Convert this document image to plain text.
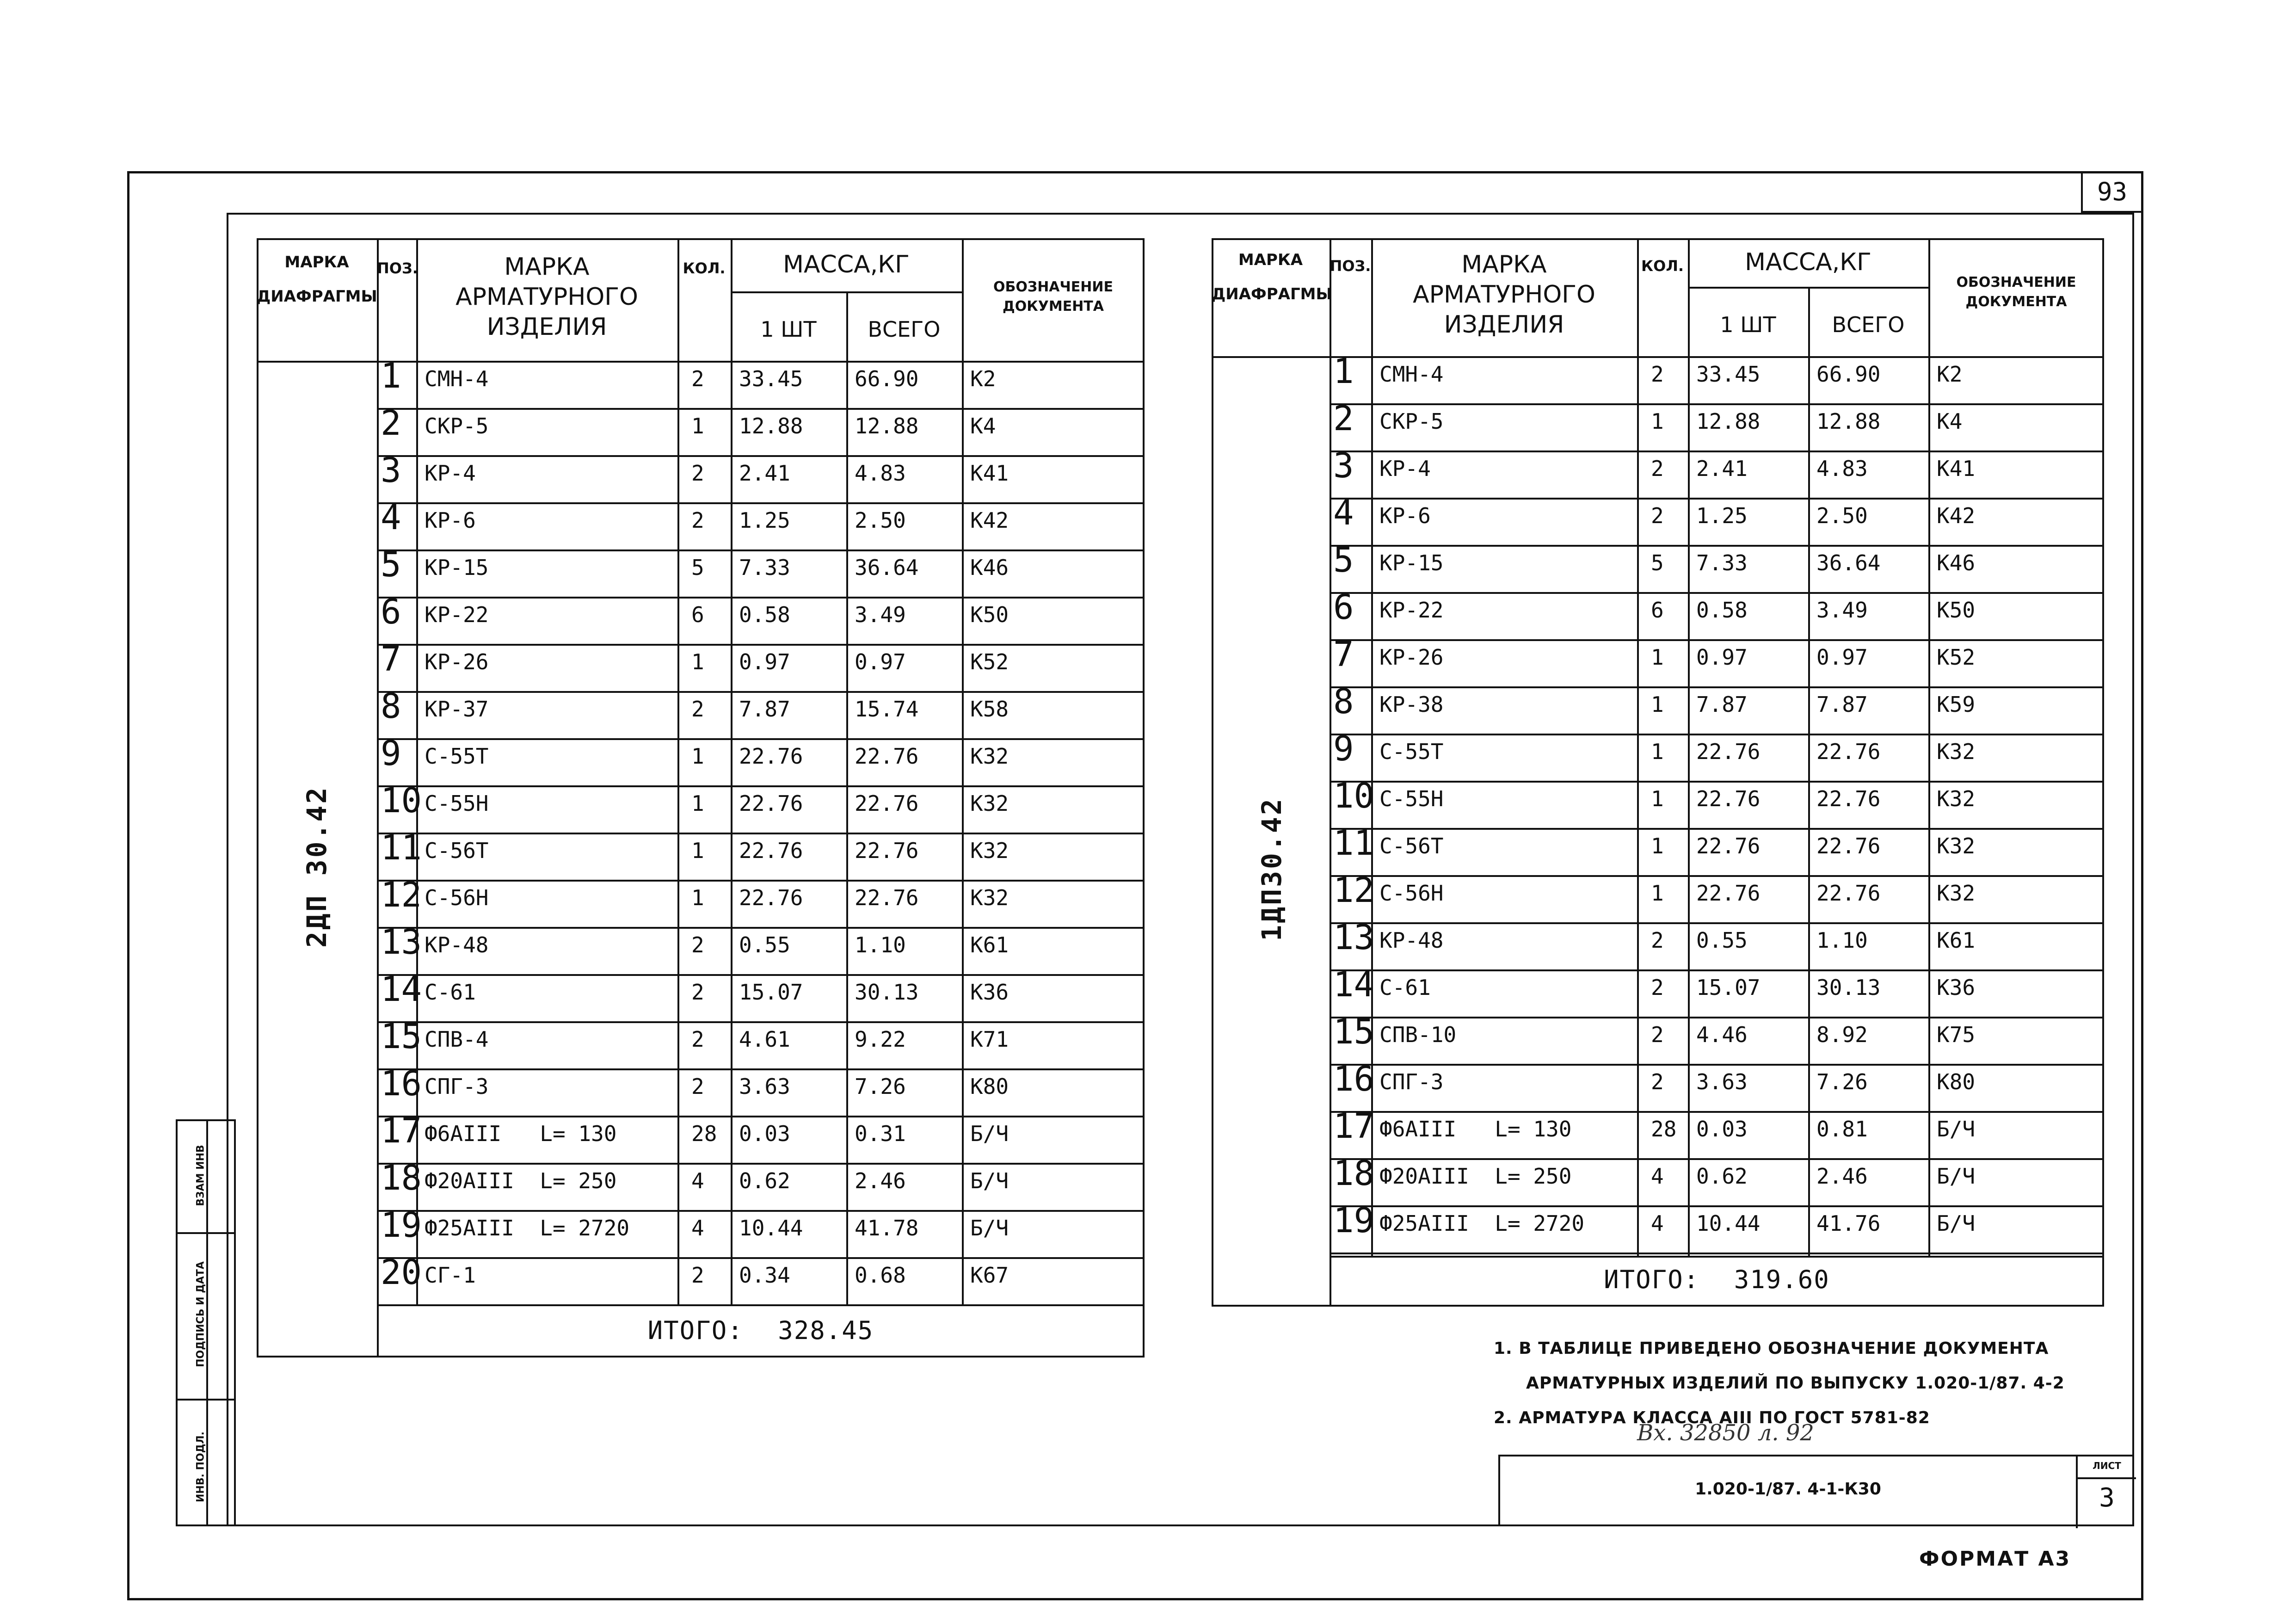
93
ИНВ. ПОДЛ.
ПОДПИСЬ И ДАТА
ВЗАМ ИНВ
МАРКА
ДИАФРАГМЫ
ПОЗ.	МАРКА
АРМАТУРНОГО
ИЗДЕЛИЯ
КОЛ.	МАССА,КГ
1 ШТ	ВСЕГО
ОБОЗНАЧЕНИЕ
ДОКУМЕНТА
2ДП 30.42
1 СМН-4	2 33.45 66.90 К2
2 СКР-5	1 12.88 12.88 К4
3 КР-4	2 2.41	4.83	К41
4 КР-6	2 1.25	2.50	К42
5 КР-15	5 7.33	36.64 К46
6 КР-22	6 0.58	3.49	К50
7 КР-26	1 0.97	0.97	К52
8 КР-37	2 7.87	15.74 К58
9 С-55Т	1 22.76 22.76 К32
10 С-55Н	1 22.76 22.76 К32
11 С-56Т	1 22.76 22.76 К32
12 С-56Н	1 22.76 22.76 К32
13 КР-48	2 0.55	1.10	К61
14 С-61	2 15.07 30.13 К36
15 СПВ-4	2 4.61	9.22	К71
16 СПГ-3	2 3.63	7.26	К80
17 Ф6АIII   L= 130	28 0.03	0.31	Б/Ч
18 Ф20АIII  L= 250	4 0.62	2.46	Б/Ч
19 Ф25АIII  L= 2720	4 10.44 41.78 Б/Ч
20 СГ-1	2 0.34	0.68	К67
ИТОГО: 328.45
МАРКА
ДИАФРАГМЫ
ПОЗ.	МАРКА
АРМАТУРНОГО
ИЗДЕЛИЯ
КОЛ.	МАССА,КГ
1 ШТ	ВСЕГО
ОБОЗНАЧЕНИЕ
ДОКУМЕНТА
1ДП30.42
1 СМН-4	2 33.45	66.90	К2
2 СКР-5	1 12.88	12.88	К4
3 КР-4	2 2.41	4.83	К41
4 КР-6	2 1.25	2.50	К42
5 КР-15	5 7.33	36.64	К46
6 КР-22	6 0.58	3.49	К50
7 КР-26	1 0.97	0.97	К52
8 КР-38	1 7.87	7.87	К59
9 С-55Т	1 22.76	22.76	К32
10 С-55Н	1 22.76	22.76	К32
11 С-56Т	1 22.76	22.76	К32
12 С-56Н	1 22.76	22.76	К32
13 КР-48	2 0.55	1.10	К61
14 С-61	2 15.07	30.13	К36
15 СПВ-10	2 4.46	8.92	К75
16 СПГ-3	2 3.63	7.26	К80
17 Ф6АIII   L= 130	28 0.03	0.81	Б/Ч
18 Ф20АIII  L= 250	4 0.62	2.46	Б/Ч
19 Ф25АIII  L= 2720	4 10.44	41.76	Б/Ч
ИТОГО: 319.60
1. В ТАБЛИЦЕ ПРИВЕДЕНО ОБОЗНАЧЕНИЕ ДОКУМЕНТА
АРМАТУРНЫХ ИЗДЕЛИЙ ПО ВЫПУСКУ 1.020-1/87. 4-2
2. АРМАТУРА КЛАССА АIII ПО ГОСТ 5781-82
Вх. 32850 л. 92
1.020-1/87. 4-1-К30
ЛИСТ
3
ФОРМАТ А3
